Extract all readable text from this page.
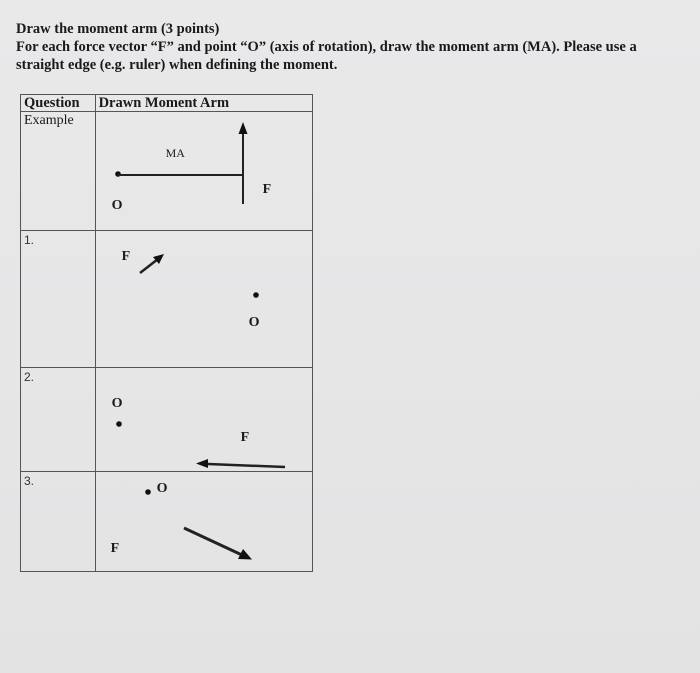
Draw the moment arm (3 points)
For each force vector “F” and point “O” (axis of rotation), draw the moment arm (MA). Please use a
straight edge (e.g. ruler) when defining the moment.
Question	Drawn Moment Arm

Example	MA
F
O

1.	F
O

2.	O
F

3.	O
F
